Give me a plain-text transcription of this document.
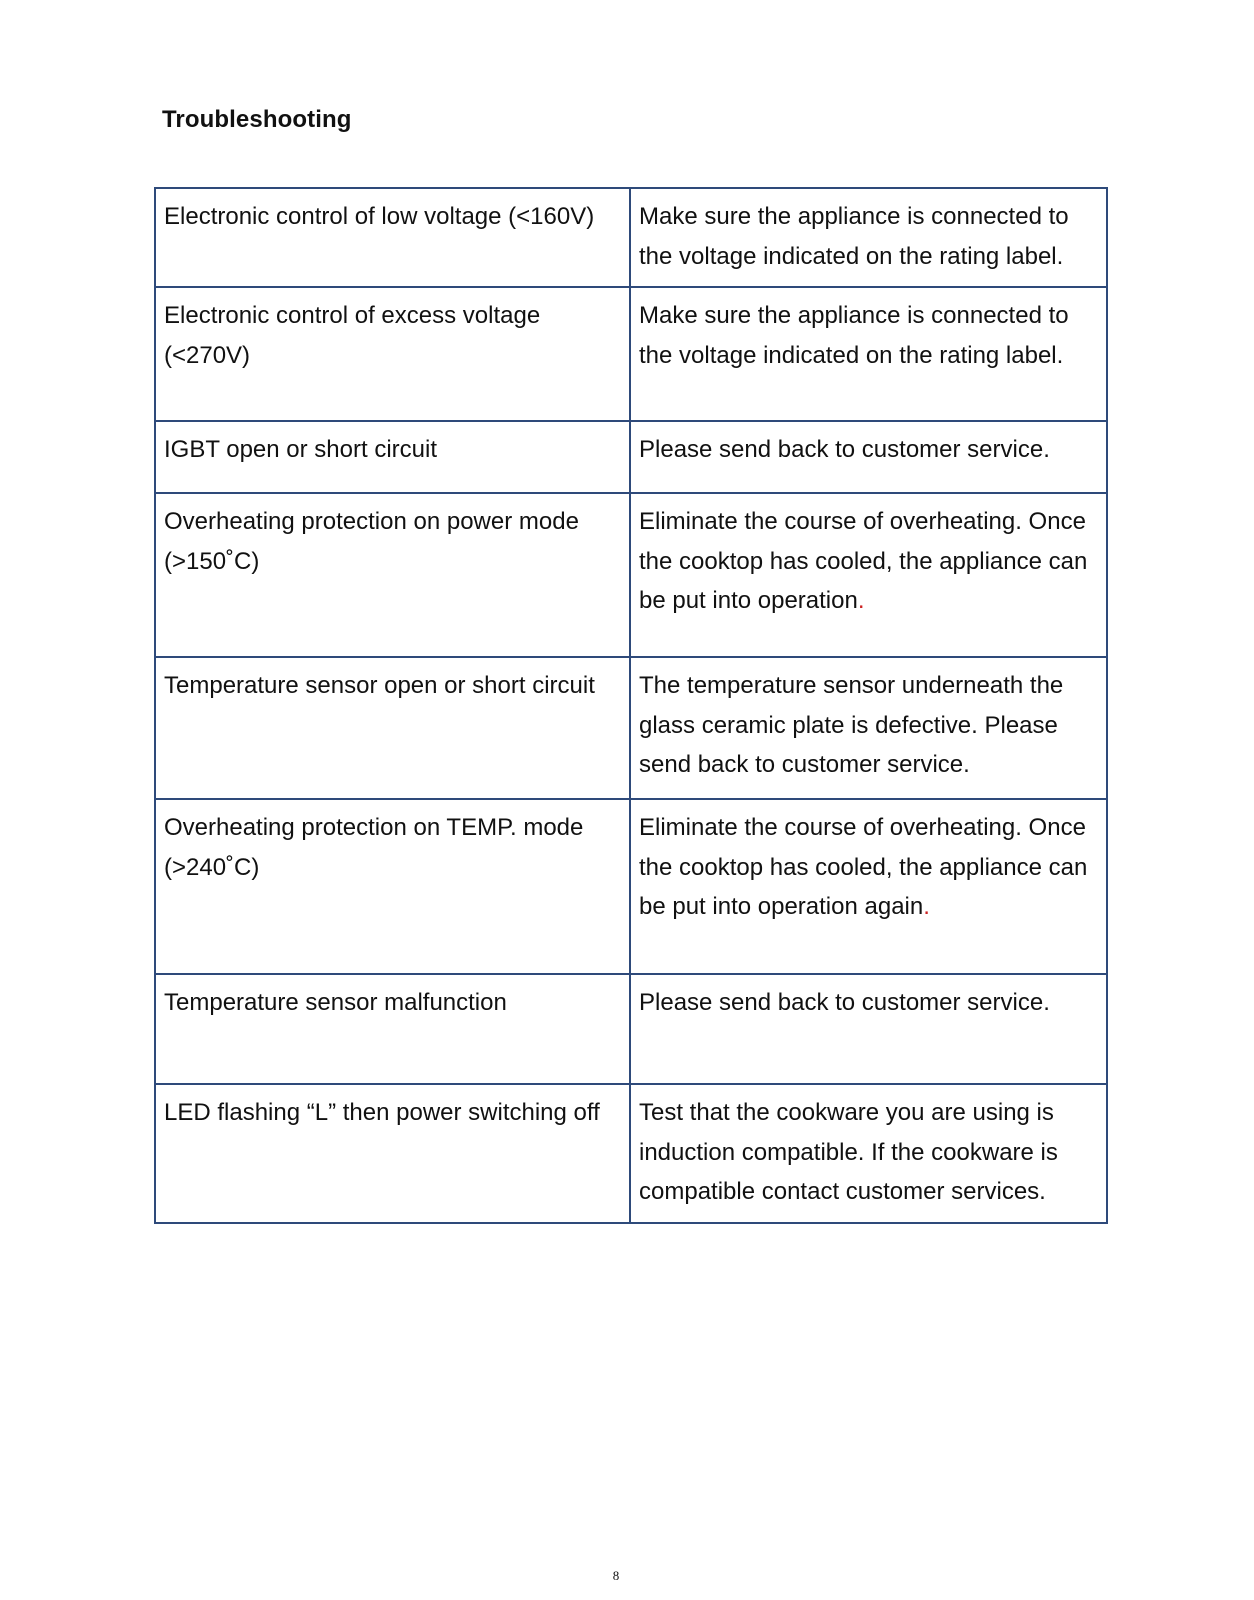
Troubleshooting
Electronic control of low voltage (<160V)	Make sure the appliance is connected to the voltage indicated on the rating label.
Electronic control of excess voltage (<270V)	Make sure the appliance is connected to the voltage indicated on the rating label.
IGBT open or short circuit	Please send back to customer service.
Overheating protection on power mode (>150˚C)	Eliminate the course of overheating. Once the cooktop has cooled, the appliance can be put into operation.
Temperature sensor open or short circuit	The temperature sensor underneath the glass ceramic plate is defective. Please send back to customer service.
Overheating protection on TEMP. mode (>240˚C)	Eliminate the course of overheating. Once the cooktop has cooled, the appliance can be put into operation again.
Temperature sensor malfunction	Please send back to customer service.
LED flashing “L” then power switching off	Test that the cookware you are using is induction compatible. If the cookware is compatible contact customer services.
8
